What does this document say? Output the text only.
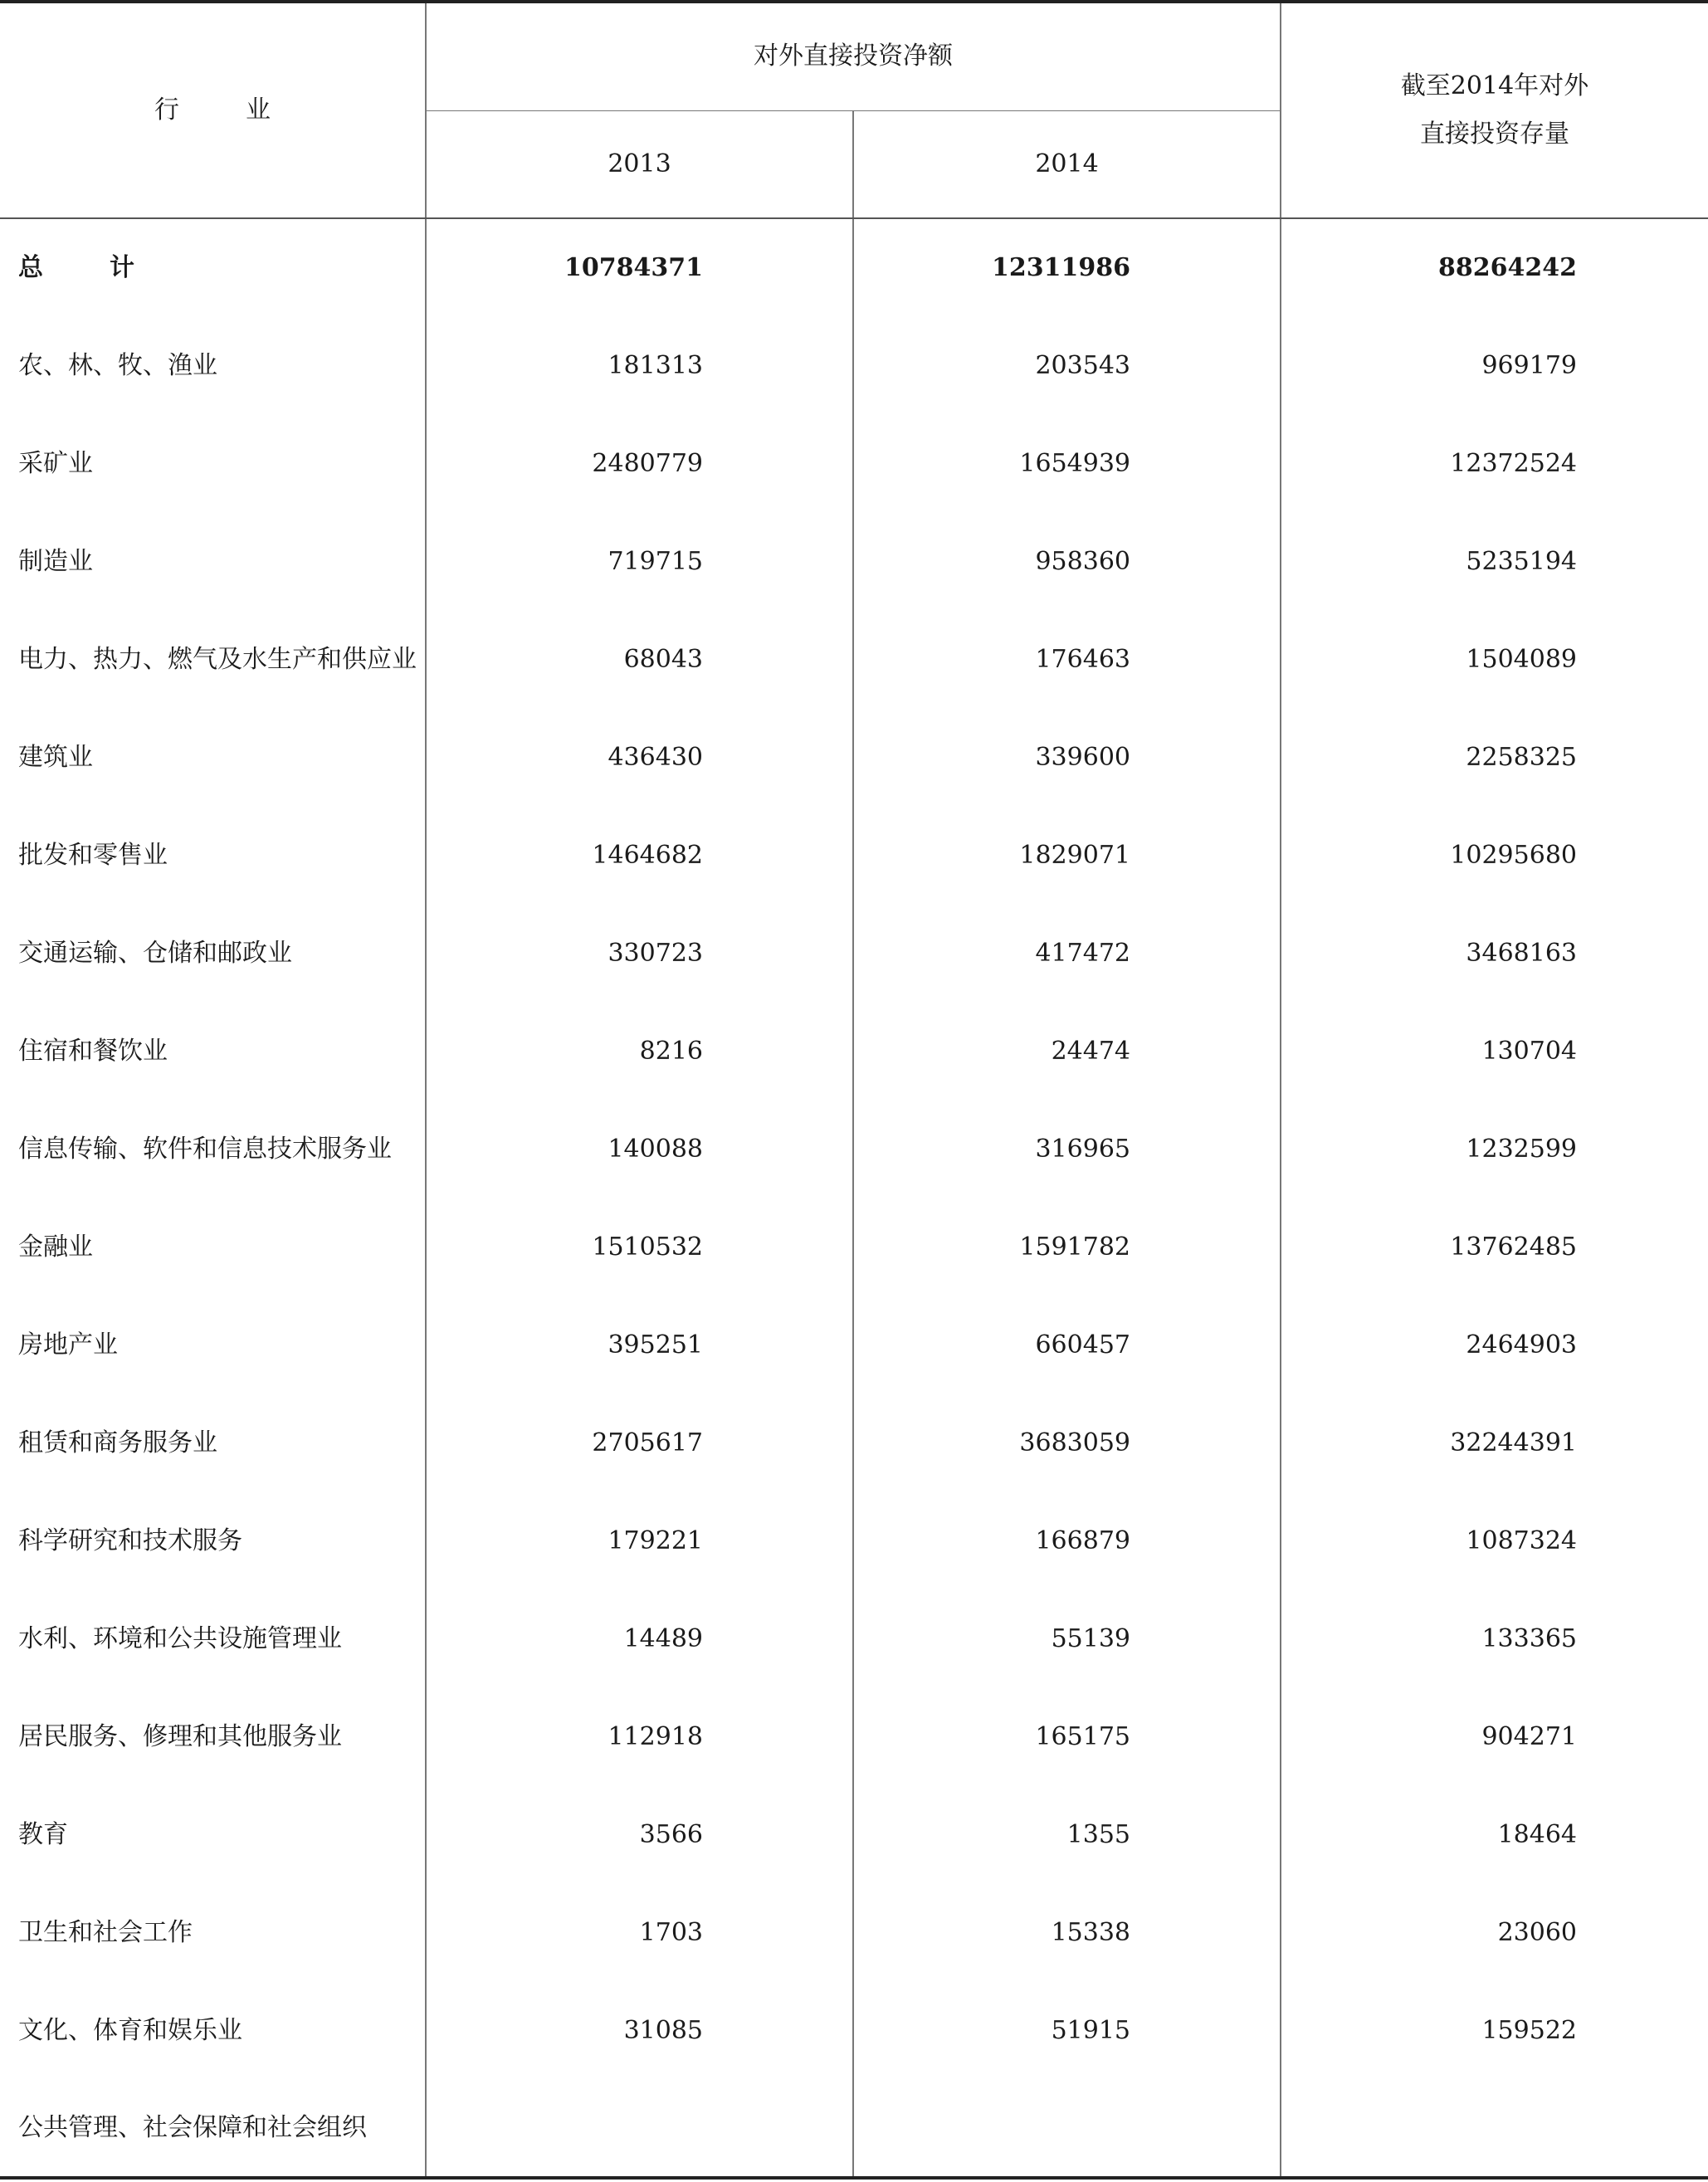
行 业	对外直接投资净额		截至2014年对外
直接投资存量

	2013	2014	
总 计	10784371	12311986	88264242
农、林、牧、渔业	181313	203543	969179
采矿业	2480779	1654939	12372524
制造业	719715	958360	5235194
电力、热力、燃气及水生产和供应业	68043	176463	1504089
建筑业	436430	339600	2258325
批发和零售业	1464682	1829071	10295680
交通运输、仓储和邮政业	330723	417472	3468163
住宿和餐饮业	8216	24474	130704
信息传输、软件和信息技术服务业	140088	316965	1232599
金融业	1510532	1591782	13762485
房地产业	395251	660457	2464903
租赁和商务服务业	2705617	3683059	32244391
科学研究和技术服务	179221	166879	1087324
水利、环境和公共设施管理业	14489	55139	133365
居民服务、修理和其他服务业	112918	165175	904271
教育	3566	1355	18464
卫生和社会工作	1703	15338	23060
文化、体育和娱乐业	31085	51915	159522
公共管理、社会保障和社会组织			
